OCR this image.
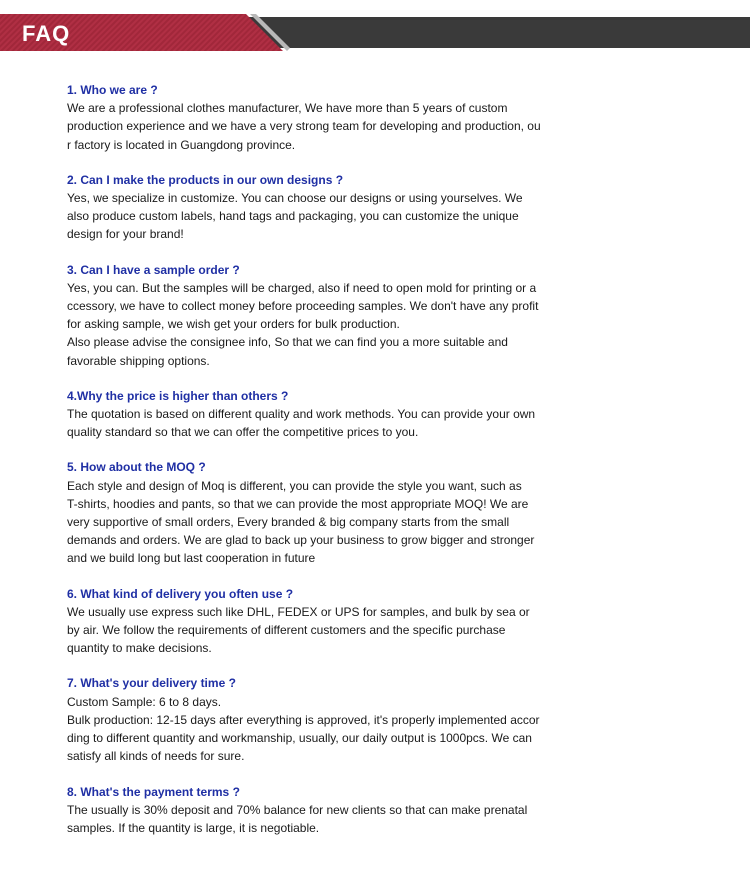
FAQ
1. Who we are ?
We are a professional clothes manufacturer, We have more than 5 years of custom
production experience and we have a very strong team for developing and production, ou
r factory is located in Guangdong province.
2. Can I make the products in our own designs ?
Yes, we specialize in customize. You can choose our designs or using yourselves. We
also produce custom labels, hand tags and packaging, you can customize the unique
design for your brand!
3. Can I have a sample order ?
Yes, you can. But the samples will be charged, also if need to open mold for printing or a
ccessory, we have to collect money before proceeding samples. We don't have any profit
for asking sample, we wish get your orders for bulk production.
Also please advise the consignee info, So that we can find you a more suitable and
favorable shipping options.
4.Why the price is higher than others ?
The quotation is based on different quality and work methods. You can provide your own
quality standard so that we can offer the competitive prices to you.
5. How about the MOQ ?
Each style and design of Moq is different, you can provide the style you want, such as
T-shirts, hoodies and pants, so that we can provide the most appropriate MOQ! We are
very supportive of small orders, Every branded & big company starts from the small
demands and orders. We are glad to back up your business to grow bigger and stronger
and we build long but last cooperation in future
6. What kind of delivery you often use ?
We usually use express such like DHL, FEDEX or UPS for samples, and bulk by sea or
by air. We follow the requirements of different customers and the specific purchase
quantity to make decisions.
7. What's your delivery time ?
Custom Sample: 6 to 8 days.
Bulk production: 12-15 days after everything is approved, it's properly implemented accor
ding to different quantity and workmanship, usually, our daily output is 1000pcs. We can
satisfy all kinds of needs for sure.
8. What's the payment terms ?
The usually is 30% deposit and 70% balance for new clients so that can make prenatal
samples. If the quantity is large, it is negotiable.
